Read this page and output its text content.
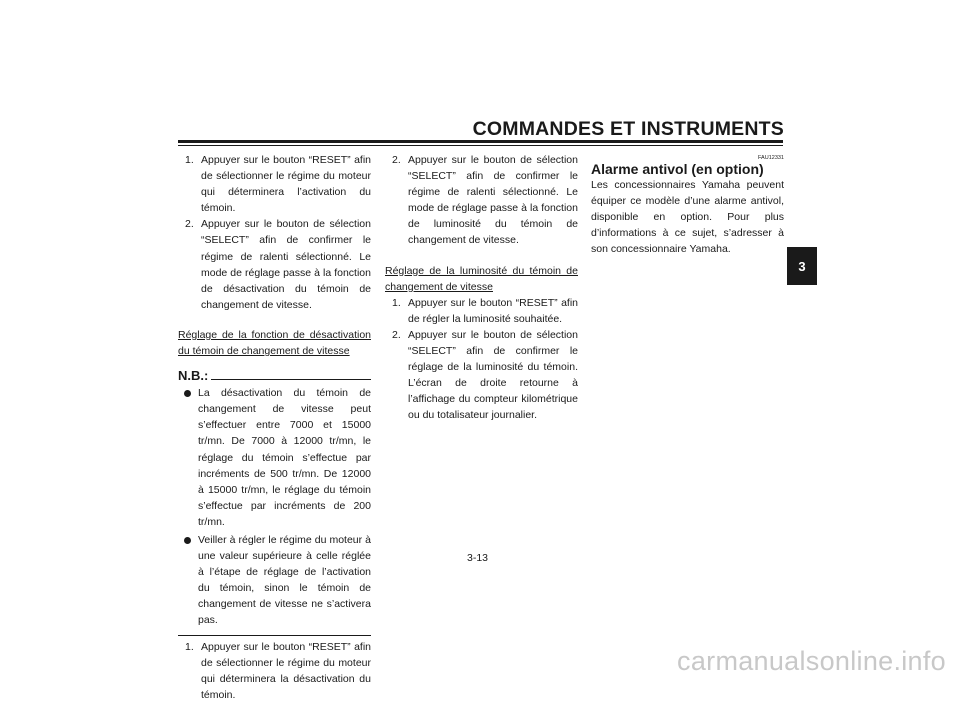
COMMANDES ET INSTRUMENTS
3
1. Appuyer sur le bouton “RESET” afin de sélectionner le régime du moteur qui déterminera l’activation du témoin.
2. Appuyer sur le bouton de sélection “SELECT” afin de confirmer le régime de ralenti sélectionné. Le mode de réglage passe à la fonction de désactivation du témoin de changement de vitesse.
Réglage de la fonction de désactivation du témoin de changement de vitesse
N.B.:
La désactivation du témoin de changement de vitesse peut s’effectuer entre 7000 et 15000 tr/mn. De 7000 à 12000 tr/mn, le réglage du témoin s’effectue par incréments de 500 tr/mn. De 12000 à 15000 tr/mn, le réglage du témoin s’effectue par incréments de 200 tr/mn.
Veiller à régler le régime du moteur à une valeur supérieure à celle réglée à l’étape de réglage de l’activation du témoin, sinon le témoin de changement de vitesse ne s’activera pas.
1. Appuyer sur le bouton “RESET” afin de sélectionner le régime du moteur qui déterminera la désactivation du témoin.
2. Appuyer sur le bouton de sélection “SELECT” afin de confirmer le régime de ralenti sélectionné. Le mode de réglage passe à la fonction de luminosité du témoin de changement de vitesse.
Réglage de la luminosité du témoin de changement de vitesse
1. Appuyer sur le bouton “RESET” afin de régler la luminosité souhaitée.
2. Appuyer sur le bouton de sélection “SELECT” afin de confirmer le réglage de la luminosité du témoin. L’écran de droite retourne à l’affichage du compteur kilométrique ou du totalisateur journalier.
FAU12331
Alarme antivol (en option)
Les concessionnaires Yamaha peuvent équiper ce modèle d’une alarme antivol, disponible en option. Pour plus d’informations à ce sujet, s’adresser à son concessionnaire Yamaha.
3-13
carmanualsonline.info
